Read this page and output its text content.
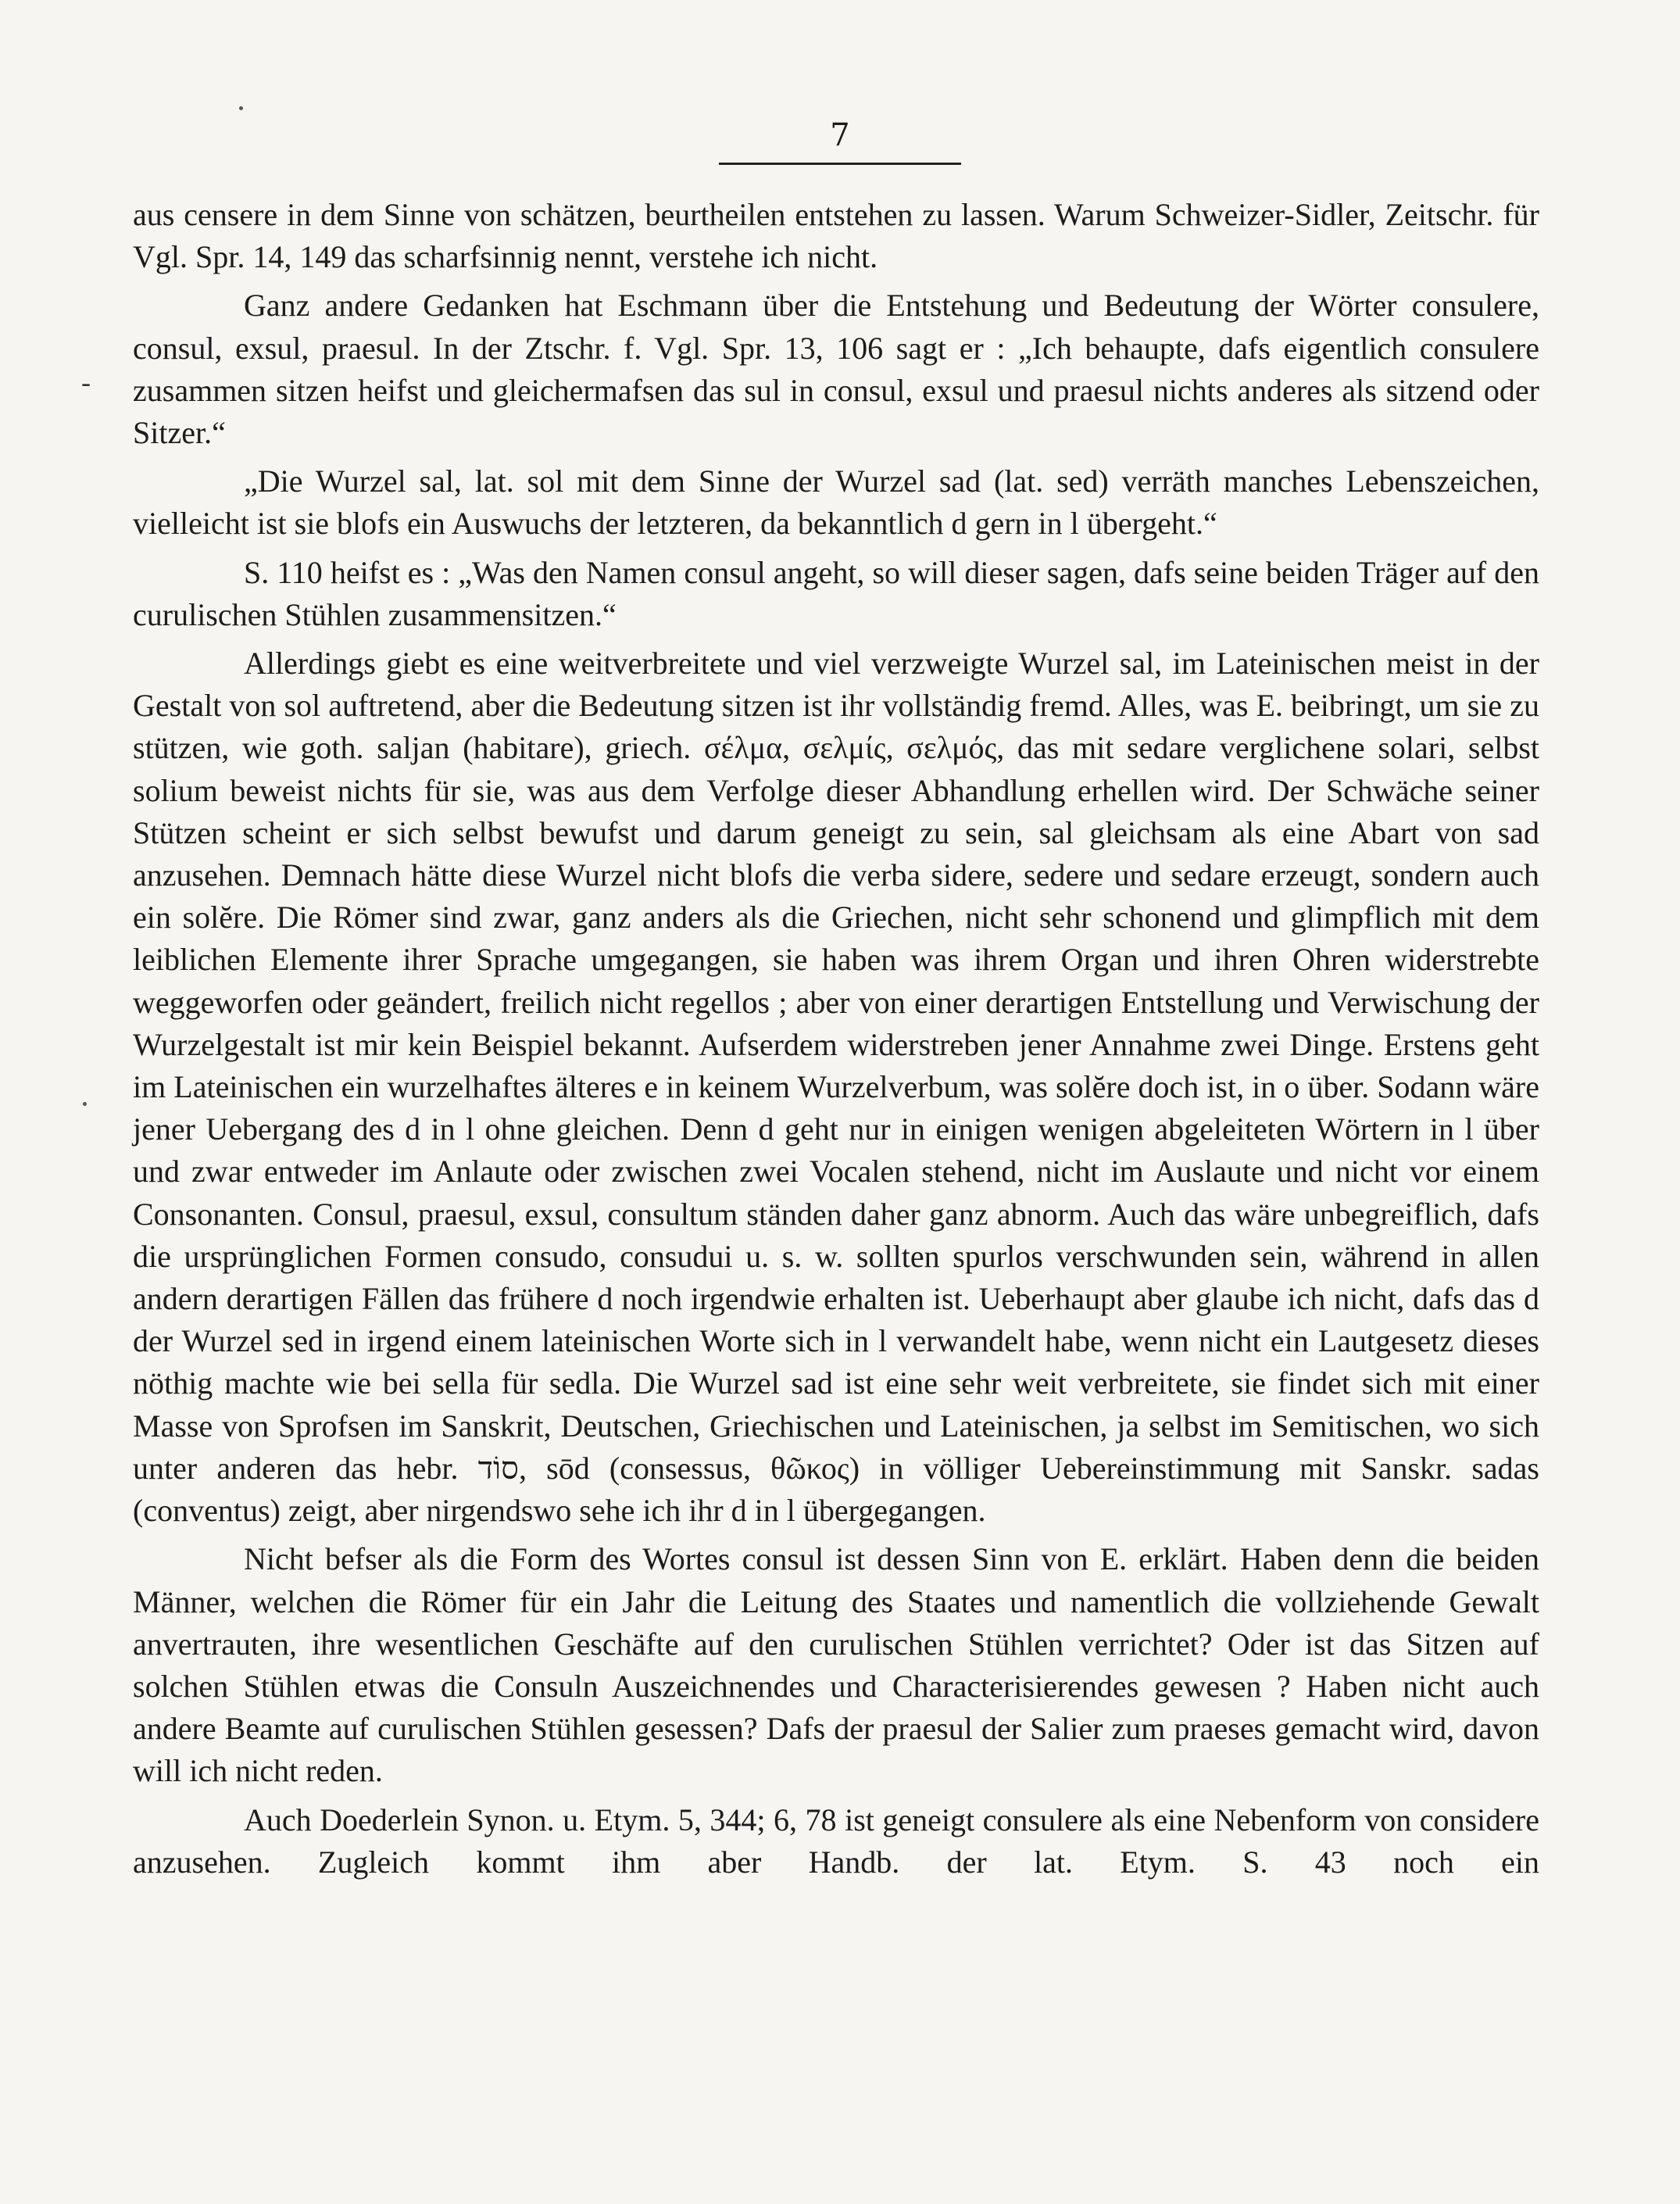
-
7

aus censere in dem Sinne von schätzen, beurtheilen entstehen zu lassen. Warum Schweizer-Sidler, Zeitschr. für Vgl. Spr. 14, 149 das scharfsinnig nennt, verstehe ich nicht.

Ganz andere Gedanken hat Eschmann über die Entstehung und Bedeutung der Wörter consulere, consul, exsul, praesul. In der Ztschr. f. Vgl. Spr. 13, 106 sagt er : „Ich behaupte, dafs eigentlich consulere zusammen sitzen heifst und gleichermafsen das sul in consul, exsul und praesul nichts anderes als sitzend oder Sitzer.“

„Die Wurzel sal, lat. sol mit dem Sinne der Wurzel sad (lat. sed) verräth manches Lebenszeichen, vielleicht ist sie blofs ein Auswuchs der letzteren, da bekanntlich d gern in l übergeht.“

S. 110 heifst es : „Was den Namen consul angeht, so will dieser sagen, dafs seine beiden Träger auf den curulischen Stühlen zusammensitzen.“

Allerdings giebt es eine weitverbreitete und viel verzweigte Wurzel sal, im Lateinischen meist in der Gestalt von sol auftretend, aber die Bedeutung sitzen ist ihr vollständig fremd. Alles, was E. beibringt, um sie zu stützen, wie goth. saljan (habitare), griech. σέλμα, σελμίς, σελμός, das mit sedare verglichene solari, selbst solium beweist nichts für sie, was aus dem Verfolge dieser Abhandlung erhellen wird. Der Schwäche seiner Stützen scheint er sich selbst bewufst und darum geneigt zu sein, sal gleichsam als eine Abart von sad anzusehen. Demnach hätte diese Wurzel nicht blofs die verba sidere, sedere und sedare erzeugt, sondern auch ein solĕre. Die Römer sind zwar, ganz anders als die Griechen, nicht sehr schonend und glimpflich mit dem leiblichen Elemente ihrer Sprache umgegangen, sie haben was ihrem Organ und ihren Ohren widerstrebte weggeworfen oder geändert, freilich nicht regellos ; aber von einer derartigen Entstellung und Verwischung der Wurzelgestalt ist mir kein Beispiel bekannt. Aufserdem widerstreben jener Annahme zwei Dinge. Erstens geht im Lateinischen ein wurzelhaftes älteres e in keinem Wurzelverbum, was solĕre doch ist, in o über. Sodann wäre jener Uebergang des d in l ohne gleichen. Denn d geht nur in einigen wenigen abgeleiteten Wörtern in l über und zwar entweder im Anlaute oder zwischen zwei Vocalen stehend, nicht im Auslaute und nicht vor einem Consonanten. Consul, praesul, exsul, consultum ständen daher ganz abnorm. Auch das wäre unbegreiflich, dafs die ursprünglichen Formen consudo, consudui u. s. w. sollten spurlos verschwunden sein, während in allen andern derartigen Fällen das frühere d noch irgendwie erhalten ist. Ueberhaupt aber glaube ich nicht, dafs das d der Wurzel sed in irgend einem lateinischen Worte sich in l verwandelt habe, wenn nicht ein Lautgesetz dieses nöthig machte wie bei sella für sedla. Die Wurzel sad ist eine sehr weit verbreitete, sie findet sich mit einer Masse von Sprofsen im Sanskrit, Deutschen, Griechischen und Lateinischen, ja selbst im Semitischen, wo sich unter anderen das hebr. סוֹד, sōd (consessus, θῶκος) in völliger Uebereinstimmung mit Sanskr. sadas (conventus) zeigt, aber nirgendswo sehe ich ihr d in l übergegangen.

Nicht befser als die Form des Wortes consul ist dessen Sinn von E. erklärt. Haben denn die beiden Männer, welchen die Römer für ein Jahr die Leitung des Staates und namentlich die vollziehende Gewalt anvertrauten, ihre wesentlichen Geschäfte auf den curulischen Stühlen verrichtet? Oder ist das Sitzen auf solchen Stühlen etwas die Consuln Auszeichnendes und Characterisierendes gewesen ? Haben nicht auch andere Beamte auf curulischen Stühlen gesessen? Dafs der praesul der Salier zum praeses gemacht wird, davon will ich nicht reden.

Auch Doederlein Synon. u. Etym. 5, 344; 6, 78 ist geneigt consulere als eine Nebenform von considere anzusehen. Zugleich kommt ihm aber Handb. der lat. Etym. S. 43 noch ein
